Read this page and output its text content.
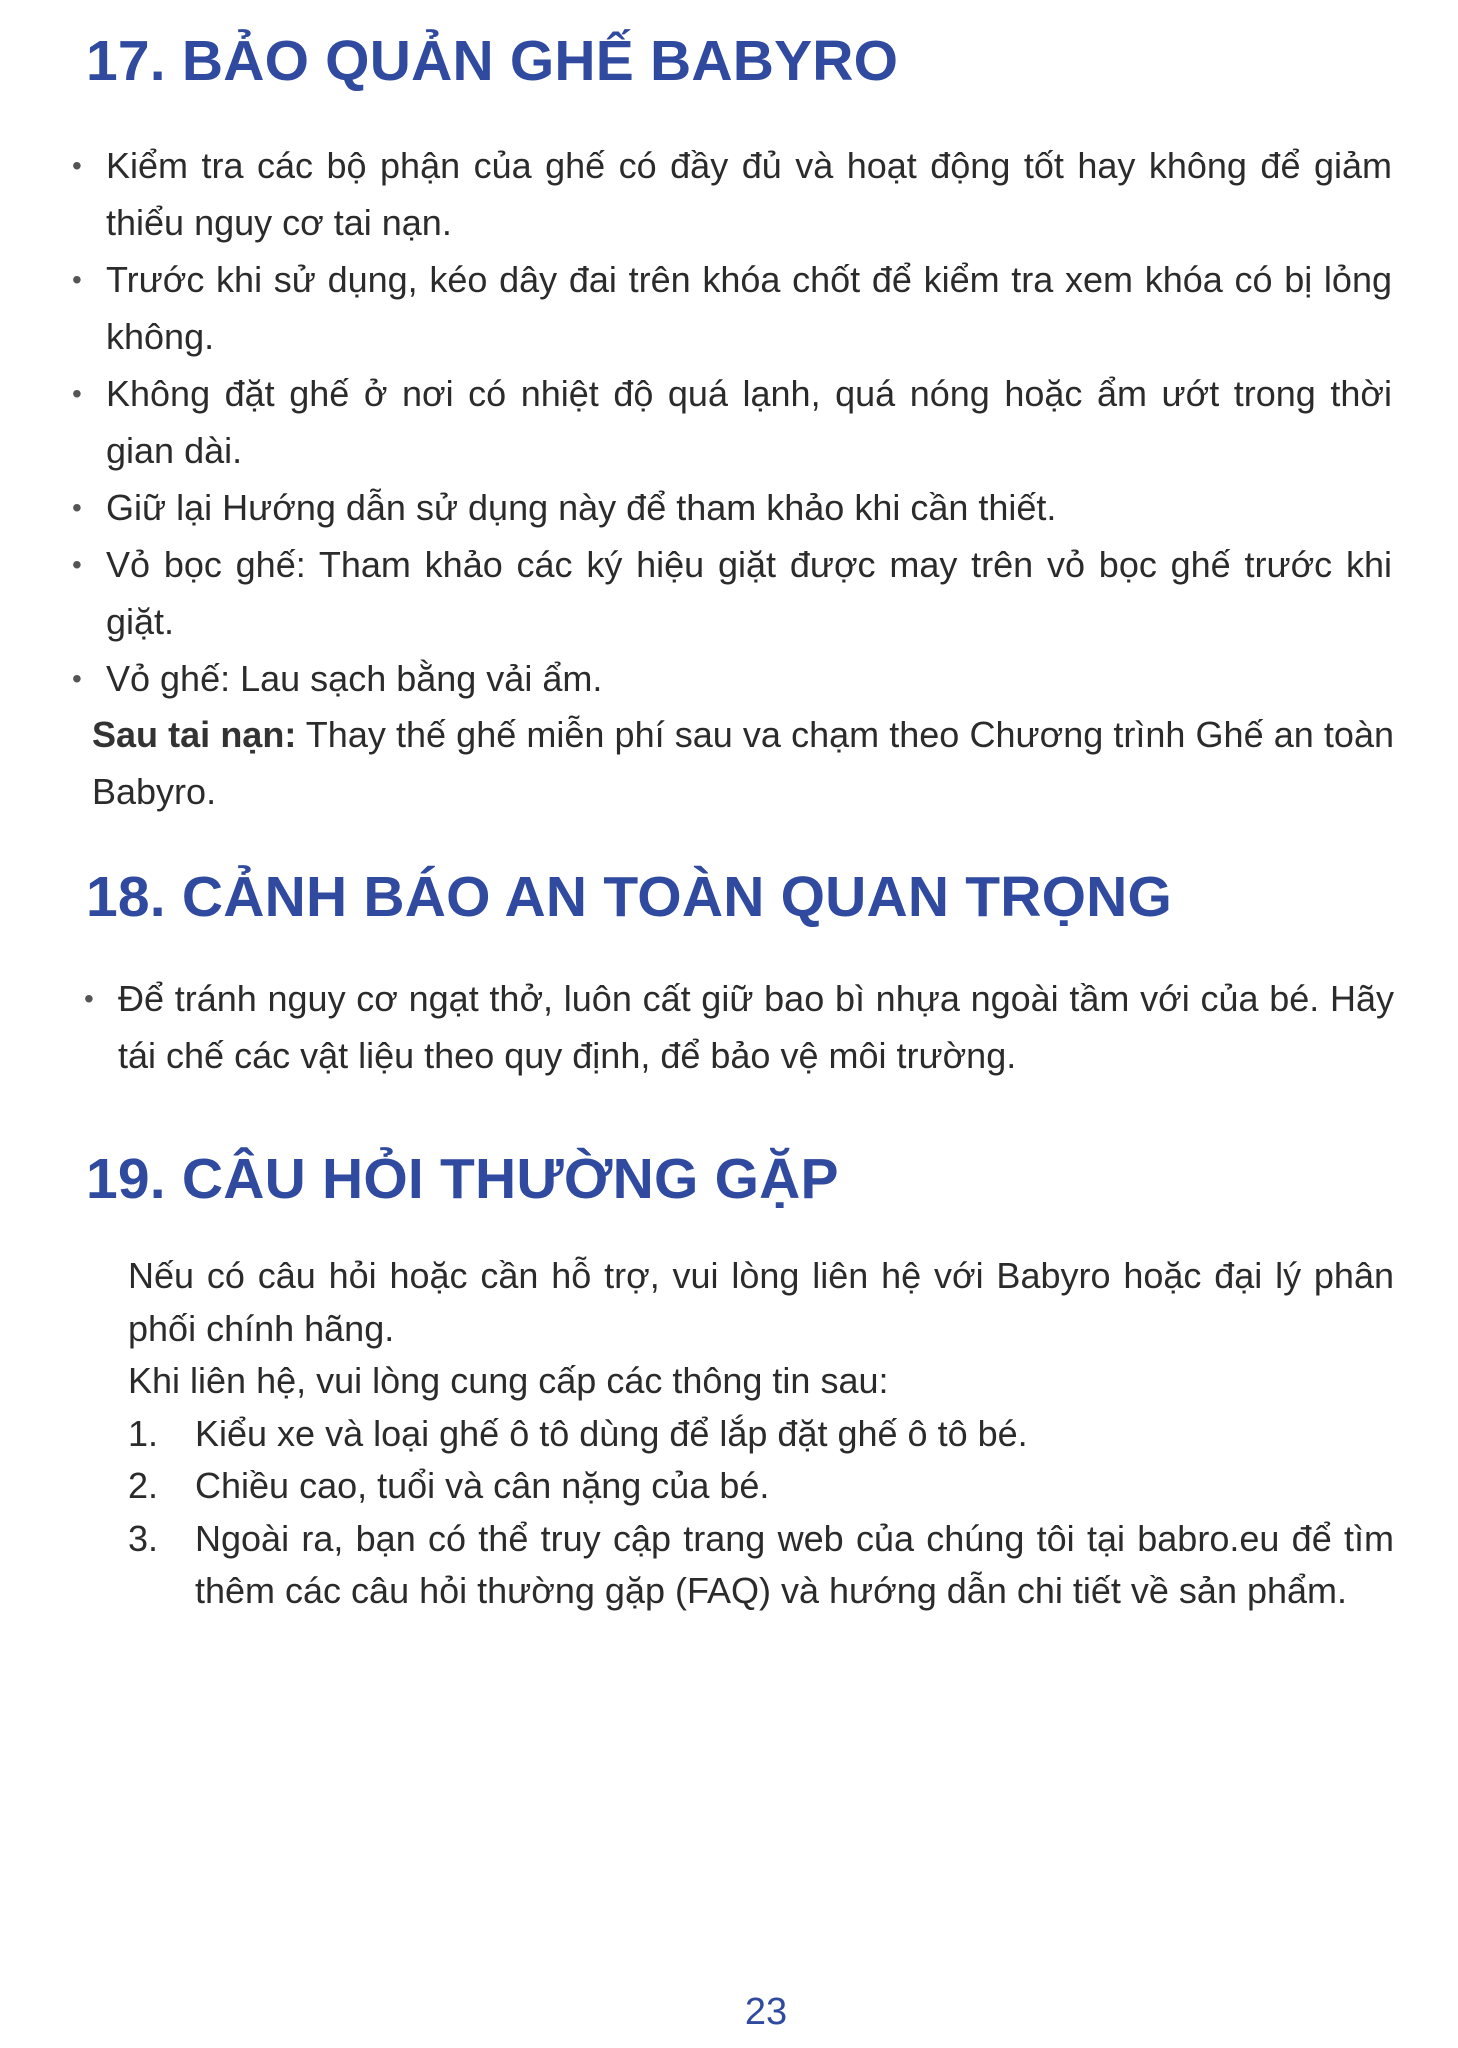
17. BẢO QUẢN GHẾ BABYRO
• Kiểm tra các bộ phận của ghế có đầy đủ và hoạt động tốt hay không để giảm thiểu nguy cơ tai nạn.
• Trước khi sử dụng, kéo dây đai trên khóa chốt để kiểm tra xem khóa có bị lỏng không.
• Không đặt ghế ở nơi có nhiệt độ quá lạnh, quá nóng hoặc ẩm ướt trong thời gian dài.
• Giữ lại Hướng dẫn sử dụng này để tham khảo khi cần thiết.
• Vỏ bọc ghế: Tham khảo các ký hiệu giặt được may trên vỏ bọc ghế trước khi giặt.
• Vỏ ghế: Lau sạch bằng vải ẩm.

Sau tai nạn: Thay thế ghế miễn phí sau va chạm theo Chương trình Ghế an toàn Babyro.

18. CẢNH BÁO AN TOÀN QUAN TRỌNG
• Để tránh nguy cơ ngạt thở, luôn cất giữ bao bì nhựa ngoài tầm với của bé. Hãy tái chế các vật liệu theo quy định, để bảo vệ môi trường.
19. CÂU HỎI THƯỜNG GẶP

Nếu có câu hỏi hoặc cần hỗ trợ, vui lòng liên hệ với Babyro hoặc đại lý phân phối chính hãng.

Khi liên hệ, vui lòng cung cấp các thông tin sau:

1. Kiểu xe và loại ghế ô tô dùng để lắp đặt ghế ô tô bé.
2. Chiều cao, tuổi và cân nặng của bé.
3. Ngoài ra, bạn có thể truy cập trang web của chúng tôi tại babro.eu để tìm thêm các câu hỏi thường gặp (FAQ) và hướng dẫn chi tiết về sản phẩm.
23
